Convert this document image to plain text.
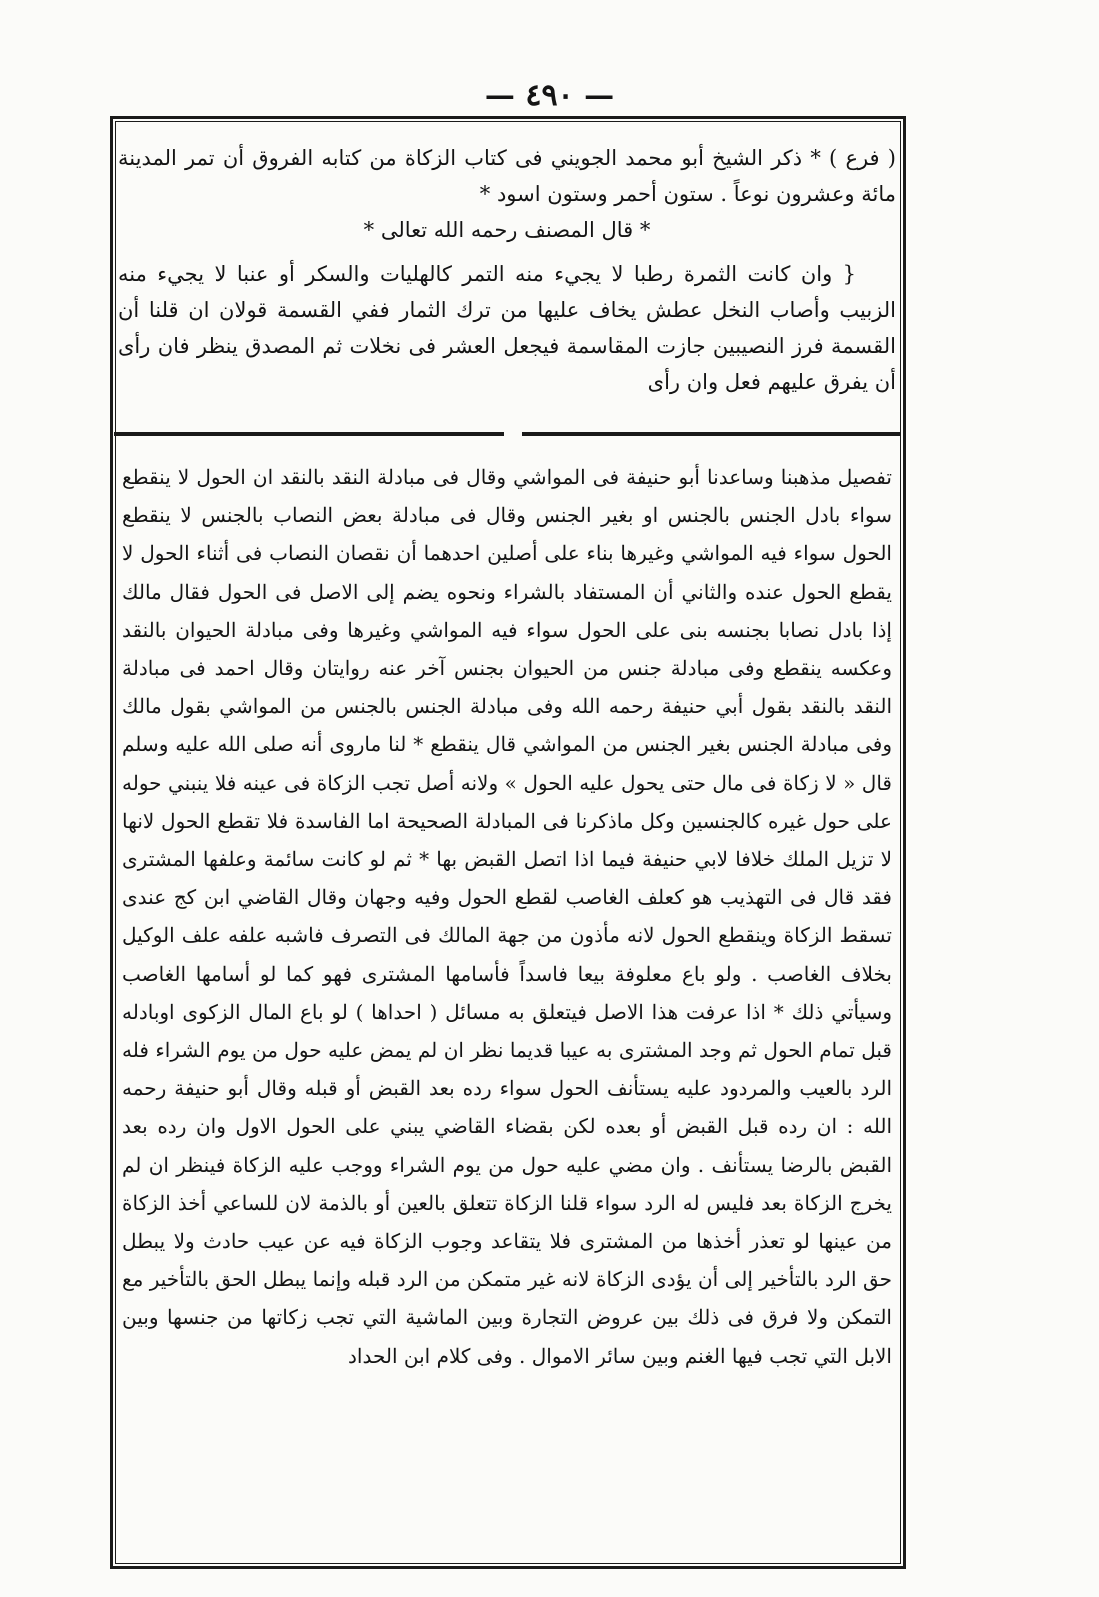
— ٤٩٠ —

( فرع ) * ذكر الشيخ أبو محمد الجويني فى كتاب الزكاة من كتابه الفروق أن تمر المدينة مائة وعشرون نوعاً . ستون أحمر وستون اسود *

* قال المصنف رحمه الله تعالى *

{ وان كانت الثمرة رطبا لا يجيء منه التمر كالهليات والسكر أو عنبا لا يجيء منه الزبيب وأصاب النخل عطش يخاف عليها من ترك الثمار ففي القسمة قولان ان قلنا أن القسمة فرز النصيبين جازت المقاسمة فيجعل العشر فى نخلات ثم المصدق ينظر فان رأى أن يفرق عليهم فعل وان رأى

تفصيل مذهبنا وساعدنا أبو حنيفة فى المواشي وقال فى مبادلة النقد بالنقد ان الحول لا ينقطع سواء بادل الجنس بالجنس او بغير الجنس وقال فى مبادلة بعض النصاب بالجنس لا ينقطع الحول سواء فيه المواشي وغيرها بناء على أصلين احدهما أن نقصان النصاب فى أثناء الحول لا يقطع الحول عنده والثاني أن المستفاد بالشراء ونحوه يضم إلى الاصل فى الحول فقال مالك إذا بادل نصابا بجنسه بنى على الحول سواء فيه المواشي وغيرها وفى مبادلة الحيوان بالنقد وعكسه ينقطع وفى مبادلة جنس من الحيوان بجنس آخر عنه روايتان وقال احمد فى مبادلة النقد بالنقد بقول أبي حنيفة رحمه الله وفى مبادلة الجنس بالجنس من المواشي بقول مالك وفى مبادلة الجنس بغير الجنس من المواشي قال ينقطع * لنا ماروى أنه صلى الله عليه وسلم قال « لا زكاة فى مال حتى يحول عليه الحول » ولانه أصل تجب الزكاة فى عينه فلا ينبني حوله على حول غيره كالجنسين وكل ماذكرنا فى المبادلة الصحيحة اما الفاسدة فلا تقطع الحول لانها لا تزيل الملك خلافا لابي حنيفة فيما اذا اتصل القبض بها * ثم لو كانت سائمة وعلفها المشترى فقد قال فى التهذيب هو كعلف الغاصب لقطع الحول وفيه وجهان وقال القاضي ابن كج عندى تسقط الزكاة وينقطع الحول لانه مأذون من جهة المالك فى التصرف فاشبه علفه علف الوكيل بخلاف الغاصب . ولو باع معلوفة بيعا فاسداً فأسامها المشترى فهو كما لو أسامها الغاصب وسيأتي ذلك * اذا عرفت هذا الاصل فيتعلق به مسائل ( احداها ) لو باع المال الزكوى اوبادله قبل تمام الحول ثم وجد المشترى به عيبا قديما نظر ان لم يمض عليه حول من يوم الشراء فله الرد بالعيب والمردود عليه يستأنف الحول سواء رده بعد القبض أو قبله وقال أبو حنيفة رحمه الله : ان رده قبل القبض أو بعده لكن بقضاء القاضي يبني على الحول الاول وان رده بعد القبض بالرضا يستأنف . وان مضي عليه حول من يوم الشراء ووجب عليه الزكاة فينظر ان لم يخرج الزكاة بعد فليس له الرد سواء قلنا الزكاة تتعلق بالعين أو بالذمة لان للساعي أخذ الزكاة من عينها لو تعذر أخذها من المشترى فلا يتقاعد وجوب الزكاة فيه عن عيب حادث ولا يبطل حق الرد بالتأخير إلى أن يؤدى الزكاة لانه غير متمكن من الرد قبله وإنما يبطل الحق بالتأخير مع التمكن ولا فرق فى ذلك بين عروض التجارة وبين الماشية التي تجب زكاتها من جنسها وبين الابل التي تجب فيها الغنم وبين سائر الاموال . وفى كلام ابن الحداد
